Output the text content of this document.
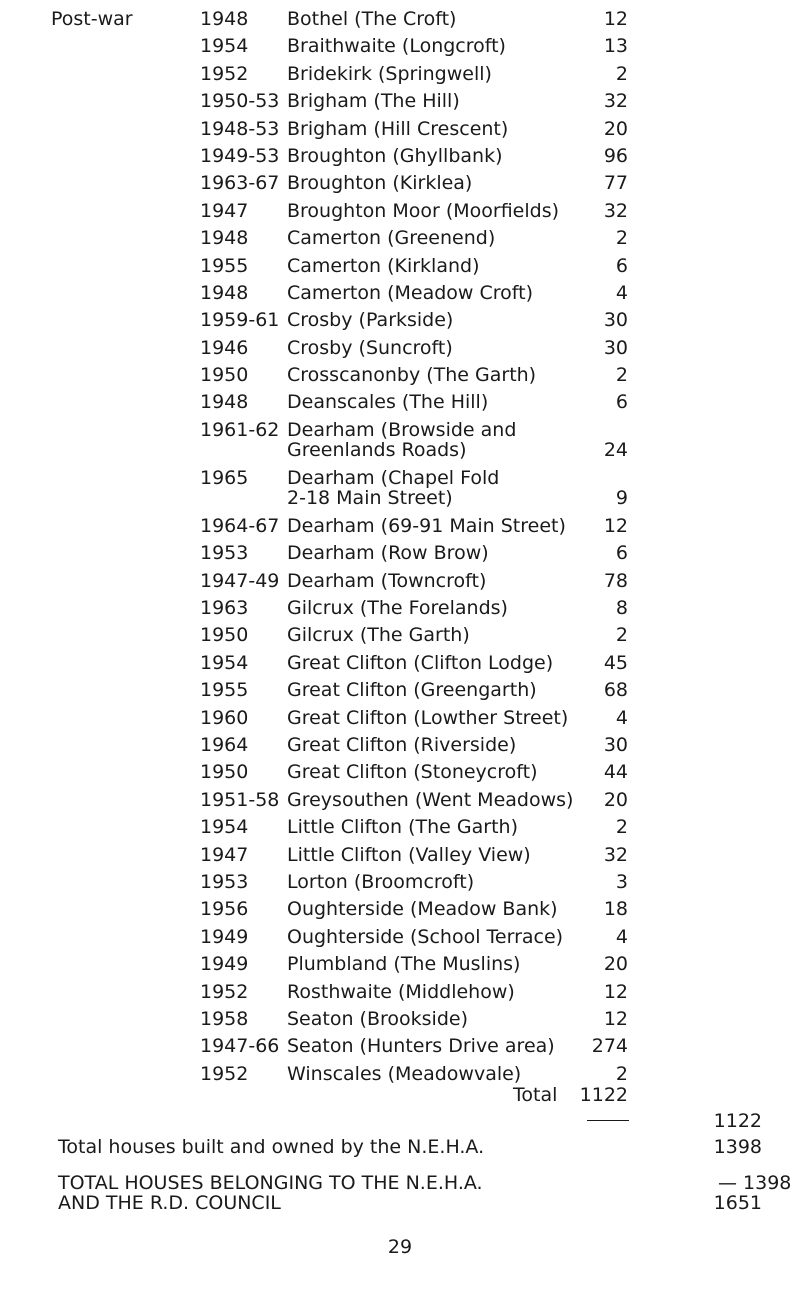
Post-war	1948 Bothel (The Croft)	12
1954 Braithwaite (Longcroft)	13
1952 Bridekirk (Springwell)	2
1950-53 Brigham (The Hill)	32
1948-53 Brigham (Hill Crescent)	20
1949-53 Broughton (Ghyllbank)	96
1963-67 Broughton (Kirklea)	77
1947 Broughton Moor (Moorfields) 32
1948 Camerton (Greenend)	2
1955 Camerton (Kirkland)	6
1948 Camerton (Meadow Croft)	4
1959-61 Crosby (Parkside)	30
1946 Crosby (Suncroft)	30
1950 Crosscanonby (The Garth)	2
1948 Deanscales (The Hill)	6
1961-62 Dearham (Browside and
Greenlands Roads)	24
1965 Dearham (Chapel Fold
2-18 Main Street)	9
1964-67 Dearham (69-91 Main Street) 12
1953 Dearham (Row Brow)	6
1947-49 Dearham (Towncroft)	78
1963 Gilcrux (The Forelands)	8
1950 Gilcrux (The Garth)	2
1954 Great Clifton (Clifton Lodge)	45
1955 Great Clifton (Greengarth)	68
1960 Great Clifton (Lowther Street)	4
1964 Great Clifton (Riverside)	30
1950 Great Clifton (Stoneycroft)	44
1951-58 Greysouthen (Went Meadows) 20
1954 Little Clifton (The Garth)	2
1947 Little Clifton (Valley View)	32
1953 Lorton (Broomcroft)	3
1956 Oughterside (Meadow Bank) 18
1949 Oughterside (School Terrace)	4
1949 Plumbland (The Muslins)	20
1952 Rosthwaite (Middlehow)	12
1958 Seaton (Brookside)	12
1947-66 Seaton (Hunters Drive area) 274
1952 Winscales (Meadowvale)	2
Total 1122
1122
Total houses built and owned by the N.E.H.A.	1398
TOTAL HOUSES BELONGING TO THE N.E.H.A.	— 1398
AND THE R.D. COUNCIL	1651
29
